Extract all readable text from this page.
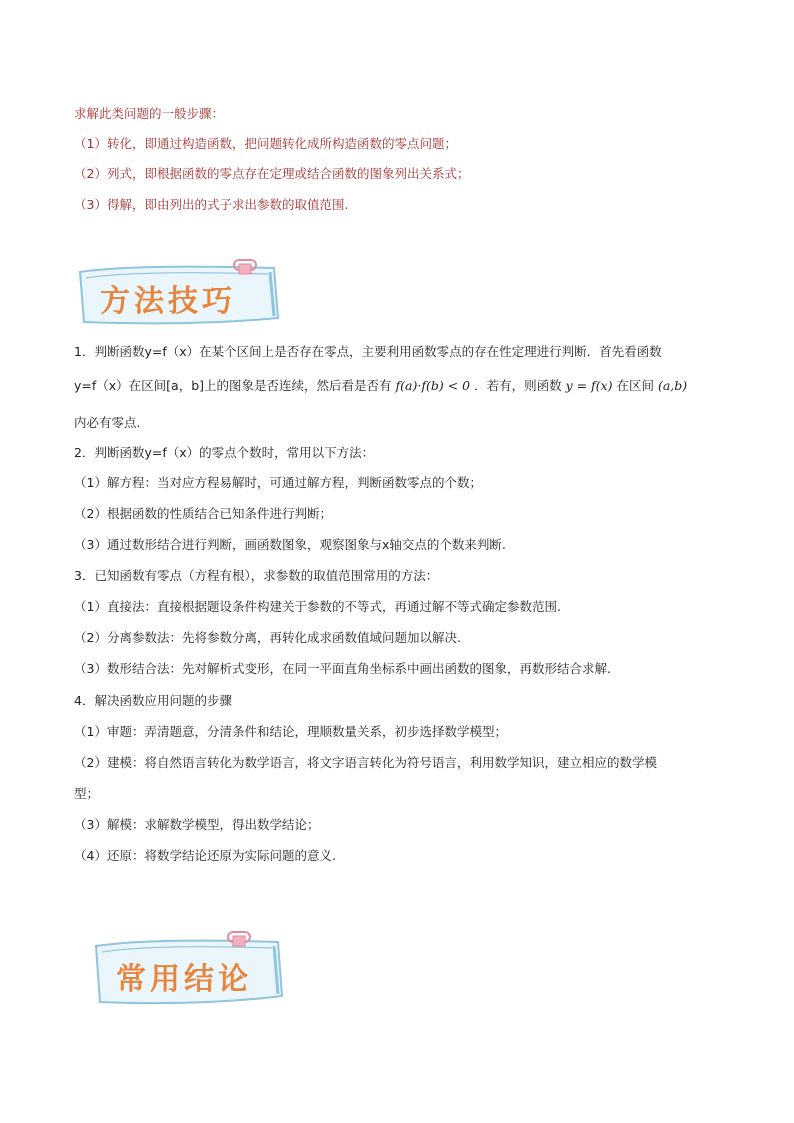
求解此类问题的一般步骤：
（1）转化，即通过构造函数，把问题转化成所构造函数的零点问题；
（2）列式，即根据函数的零点存在定理或结合函数的图象列出关系式；
（3）得解，即由列出的式子求出参数的取值范围.
方法技巧
1．判断函数y=f（x）在某个区间上是否存在零点，主要利用函数零点的存在性定理进行判断．首先看函数
y=f（x）在区间[a，b]上的图象是否连续，然后看是否有 f(a)·f(b) < 0 ．若有，则函数 y = f(x) 在区间 (a,b)
内必有零点.
2．判断函数y=f（x）的零点个数时，常用以下方法：
（1）解方程：当对应方程易解时，可通过解方程，判断函数零点的个数；
（2）根据函数的性质结合已知条件进行判断；
（3）通过数形结合进行判断，画函数图象，观察图象与x轴交点的个数来判断.
3．已知函数有零点（方程有根），求参数的取值范围常用的方法：
（1）直接法：直接根据题设条件构建关于参数的不等式，再通过解不等式确定参数范围.
（2）分离参数法：先将参数分离，再转化成求函数值域问题加以解决.
（3）数形结合法：先对解析式变形，在同一平面直角坐标系中画出函数的图象，再数形结合求解.
4．解决函数应用问题的步骤
（1）审题：弄清题意，分清条件和结论，理顺数量关系，初步选择数学模型；
（2）建模：将自然语言转化为数学语言，将文字语言转化为符号语言，利用数学知识，建立相应的数学模
型；
（3）解模：求解数学模型，得出数学结论；
（4）还原：将数学结论还原为实际问题的意义.
常用结论
